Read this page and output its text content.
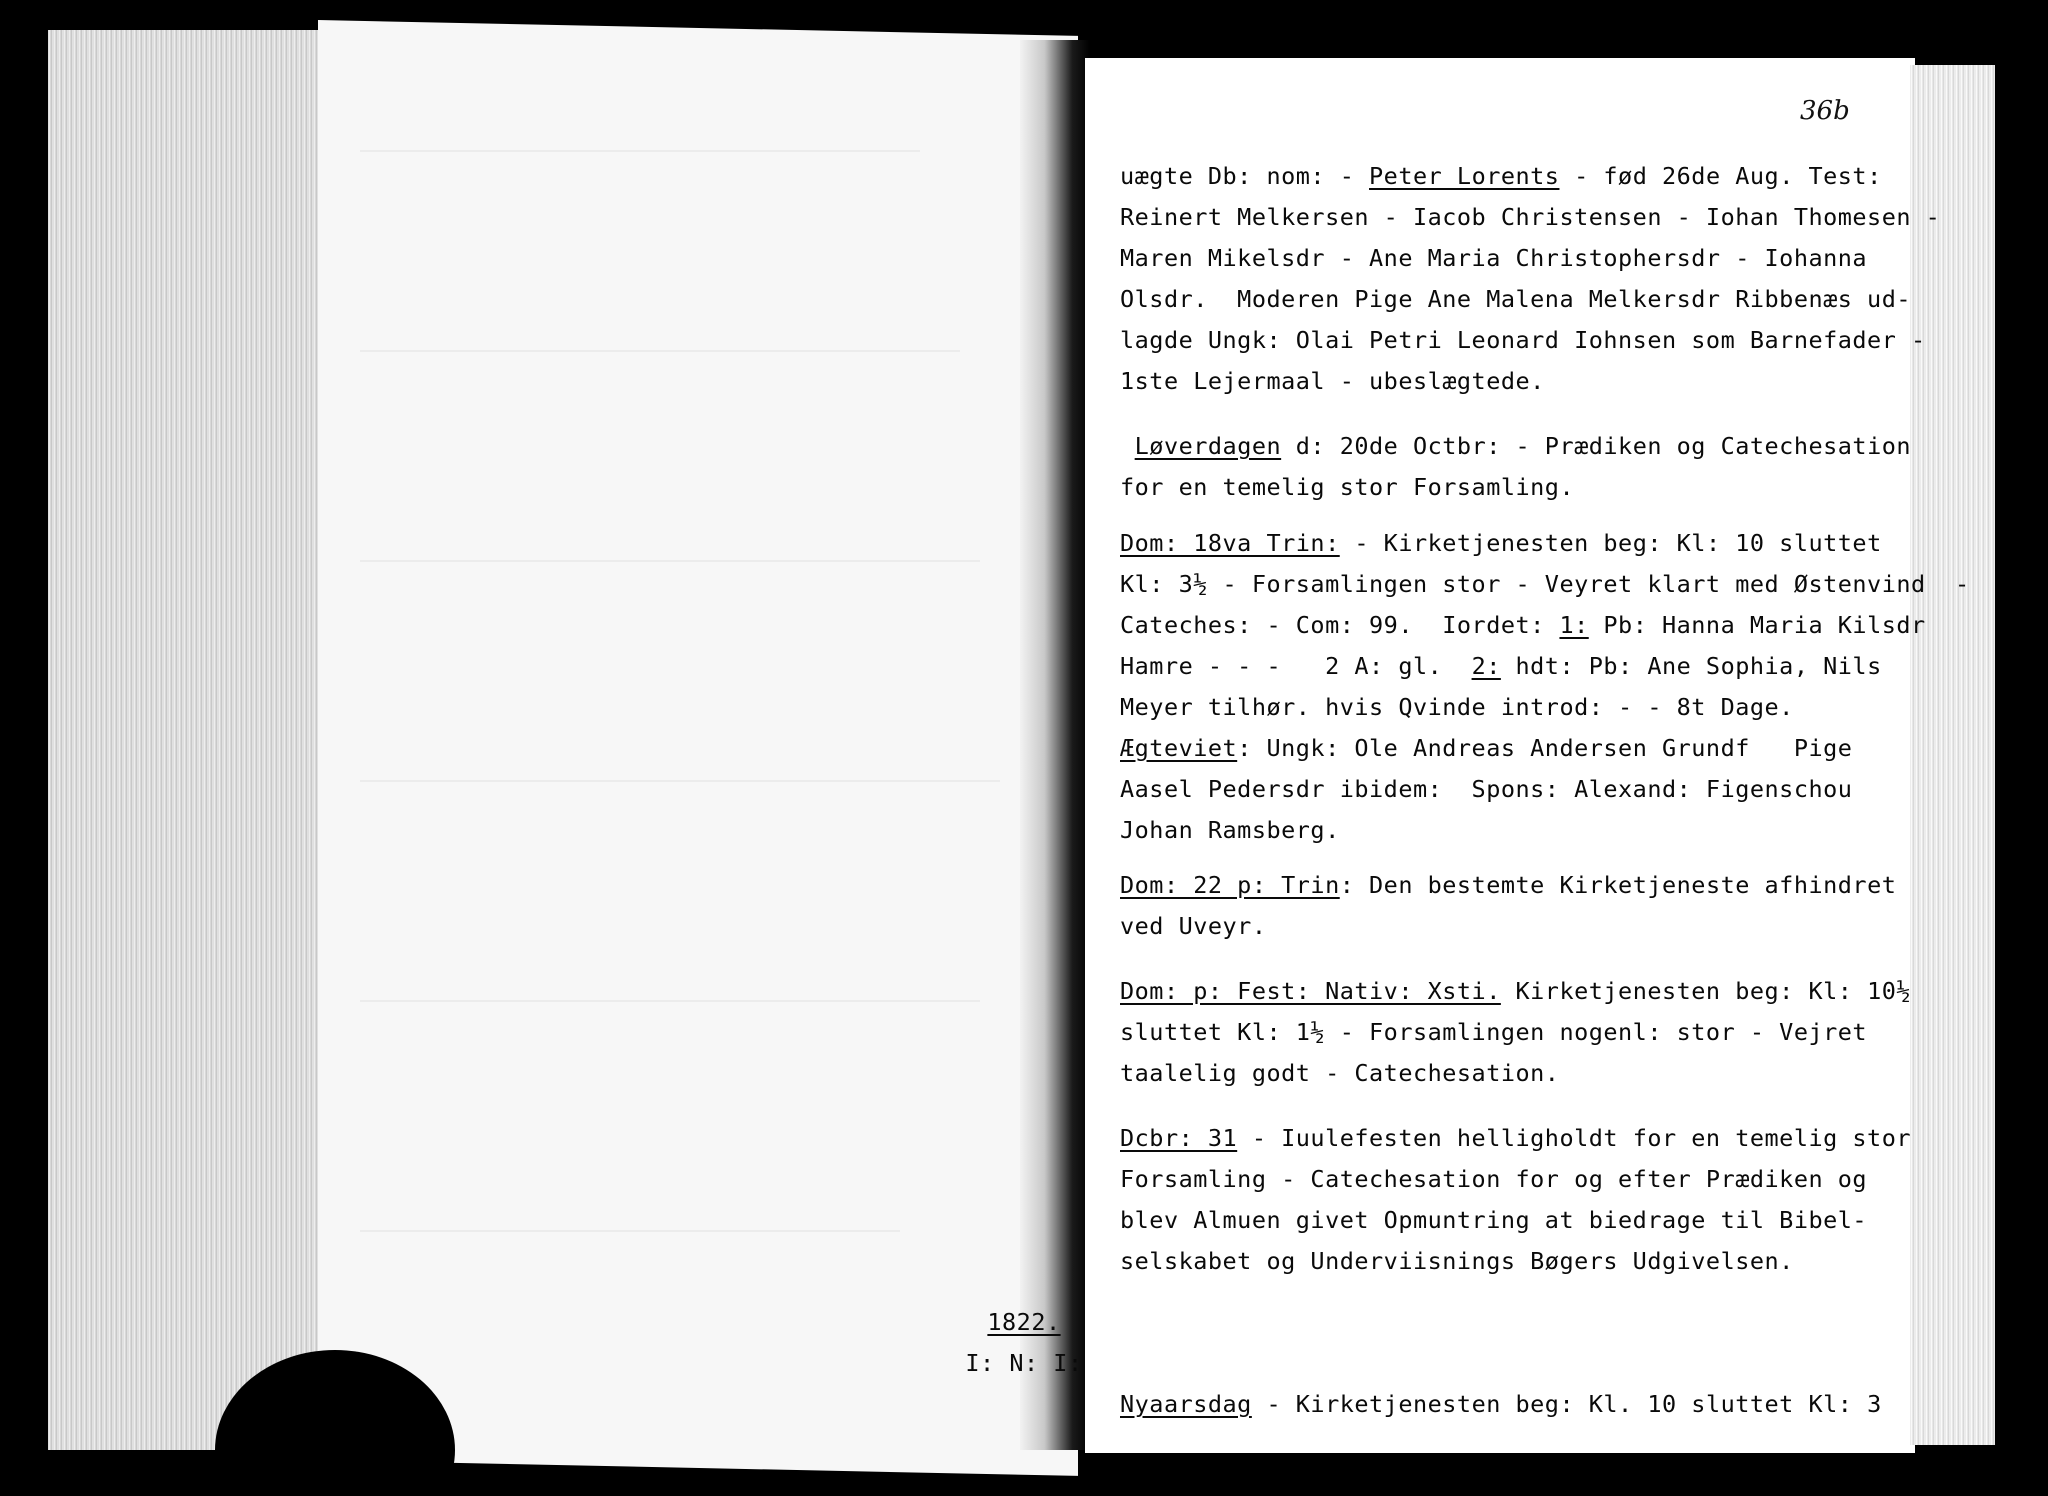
36b
uægte Db: nom: - Peter Lorents - fød 26de Aug. Test:
Reinert Melkersen - Iacob Christensen - Iohan Thomesen -
Maren Mikelsdr - Ane Maria Christophersdr - Iohanna
Olsdr.  Moderen Pige Ane Malena Melkersdr Ribbenæs ud-
lagde Ungk: Olai Petri Leonard Iohnsen som Barnefader -
1ste Lejermaal - ubeslægtede.
Løverdagen d: 20de Octbr: - Prædiken og Catechesation
for en temelig stor Forsamling.
Dom: 18va Trin: - Kirketjenesten beg: Kl: 10 sluttet
Kl: 3½ - Forsamlingen stor - Veyret klart med Østenvind  -
Cateches: - Com: 99.  Iordet: 1: Pb: Hanna Maria Kilsdr
Hamre - - -   2 A: gl.  2: hdt: Pb: Ane Sophia, Nils
Meyer tilhør. hvis Qvinde introd: - - 8t Dage.
Ægteviet: Ungk: Ole Andreas Andersen Grundf   Pige
Aasel Pedersdr ibidem:  Spons: Alexand: Figenschou
Johan Ramsberg.
Dom: 22 p: Trin: Den bestemte Kirketjeneste afhindret
ved Uveyr.
Dom: p: Fest: Nativ: Xsti. Kirketjenesten beg: Kl: 10½
sluttet Kl: 1½ - Forsamlingen nogenl: stor - Vejret
taalelig godt - Catechesation.
Dcbr: 31 - Iuulefesten helligholdt for en temelig stor
Forsamling - Catechesation for og efter Prædiken og
blev Almuen givet Opmuntring at biedrage til Bibel-
selskabet og Underviisnings Bøgers Udgivelsen.
1822.
I: N: I:
Nyaarsdag - Kirketjenesten beg: Kl. 10 sluttet Kl: 3
